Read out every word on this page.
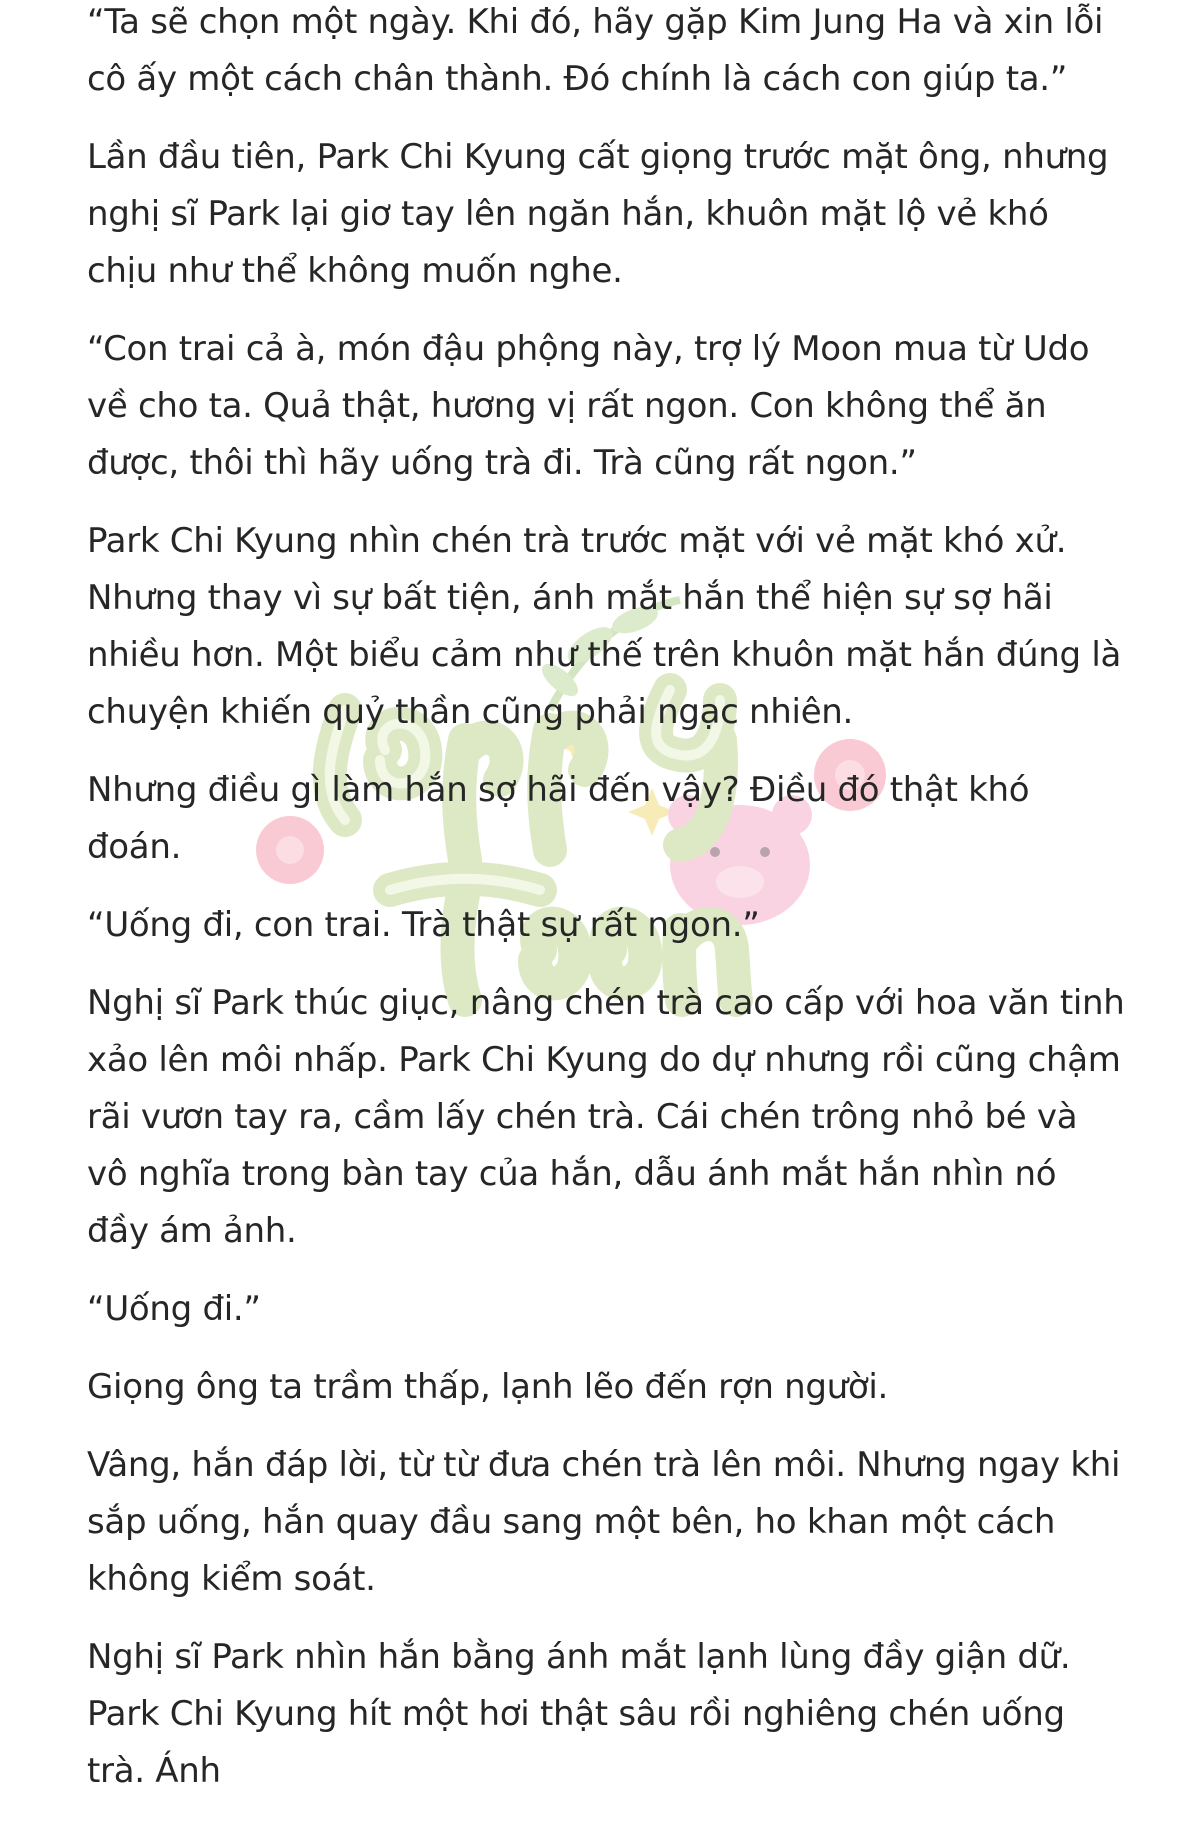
“Ta sẽ chọn một ngày. Khi đó, hãy gặp Kim Jung Ha và xin lỗi cô ấy một cách chân thành. Đó chính là cách con giúp ta.”

Lần đầu tiên, Park Chi Kyung cất giọng trước mặt ông, nhưng nghị sĩ Park lại giơ tay lên ngăn hắn, khuôn mặt lộ vẻ khó chịu như thể không muốn nghe.

“Con trai cả à, món đậu phộng này, trợ lý Moon mua từ Udo về cho ta. Quả thật, hương vị rất ngon. Con không thể ăn được, thôi thì hãy uống trà đi. Trà cũng rất ngon.”

Park Chi Kyung nhìn chén trà trước mặt với vẻ mặt khó xử. Nhưng thay vì sự bất tiện, ánh mắt hắn thể hiện sự sợ hãi nhiều hơn. Một biểu cảm như thế trên khuôn mặt hắn đúng là chuyện khiến quỷ thần cũng phải ngạc nhiên.

Nhưng điều gì làm hắn sợ hãi đến vậy? Điều đó thật khó đoán.

“Uống đi, con trai. Trà thật sự rất ngon.”

Nghị sĩ Park thúc giục, nâng chén trà cao cấp với hoa văn tinh xảo lên môi nhấp. Park Chi Kyung do dự nhưng rồi cũng chậm rãi vươn tay ra, cầm lấy chén trà. Cái chén trông nhỏ bé và vô nghĩa trong bàn tay của hắn, dẫu ánh mắt hắn nhìn nó đầy ám ảnh.

“Uống đi.”

Giọng ông ta trầm thấp, lạnh lẽo đến rợn người.

Vâng, hắn đáp lời, từ từ đưa chén trà lên môi. Nhưng ngay khi sắp uống, hắn quay đầu sang một bên, ho khan một cách không kiểm soát.

Nghị sĩ Park nhìn hắn bằng ánh mắt lạnh lùng đầy giận dữ. Park Chi Kyung hít một hơi thật sâu rồi nghiêng chén uống trà. Ánh
